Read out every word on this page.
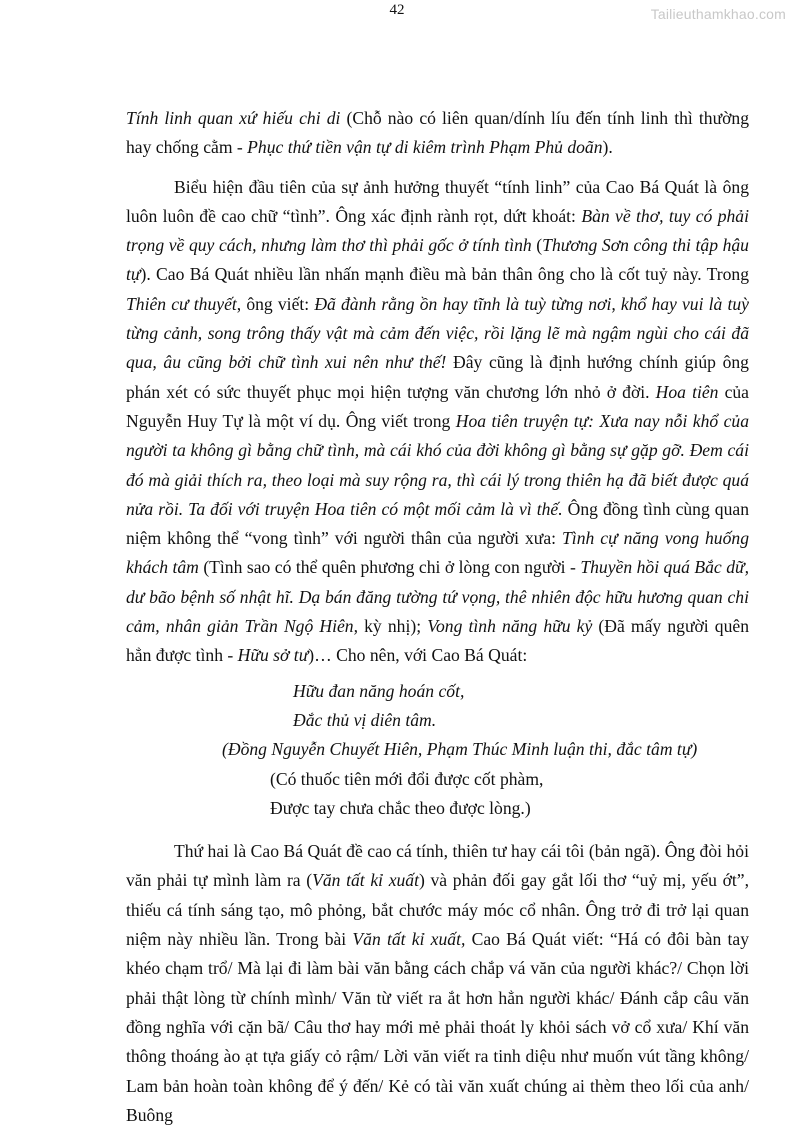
42	Tailieuthamkhao.com

Tính linh quan xứ hiếu chi di (Chỗ nào có liên quan/dính líu đến tính linh thì thường hay chống cằm - Phục thứ tiền vận tự di kiêm trình Phạm Phủ doãn).

Biểu hiện đầu tiên của sự ảnh hưởng thuyết “tính linh” của Cao Bá Quát là ông luôn luôn đề cao chữ “tình”. Ông xác định rành rọt, dứt khoát: Bàn về thơ, tuy có phải trọng về quy cách, nhưng làm thơ thì phải gốc ở tính tình (Thương Sơn công thi tập hậu tự). Cao Bá Quát nhiều lần nhấn mạnh điều mà bản thân ông cho là cốt tuỷ này. Trong Thiên cư thuyết, ông viết: Đã đành rằng ồn hay tĩnh là tuỳ từng nơi, khổ hay vui là tuỳ từng cảnh, song trông thấy vật mà cảm đến việc, rồi lặng lẽ mà ngậm ngùi cho cái đã qua, âu cũng bởi chữ tình xui nên như thế! Đây cũng là định hướng chính giúp ông phán xét có sức thuyết phục mọi hiện tượng văn chương lớn nhỏ ở đời. Hoa tiên của Nguyễn Huy Tự là một ví dụ. Ông viết trong Hoa tiên truyện tự: Xưa nay nỗi khổ của người ta không gì bằng chữ tình, mà cái khó của đời không gì bằng sự gặp gỡ. Đem cái đó mà giải thích ra, theo loại mà suy rộng ra, thì cái lý trong thiên hạ đã biết được quá nửa rồi. Ta đối với truyện Hoa tiên có một mối cảm là vì thế. Ông đồng tình cùng quan niệm không thể “vong tình” với người thân của người xưa: Tình cự năng vong huống khách tâm (Tình sao có thể quên phương chi ở lòng con người - Thuyền hồi quá Bắc dữ, dư bão bệnh số nhật hĩ. Dạ bán đăng tường tứ vọng, thê nhiên độc hữu hương quan chi cảm, nhân giản Trần Ngộ Hiên, kỳ nhị); Vong tình năng hữu kỷ (Đã mấy người quên hẳn được tình - Hữu sở tư)… Cho nên, với Cao Bá Quát:

Hữu đan năng hoán cốt,
Đắc thủ vị diên tâm.
(Đồng Nguyễn Chuyết Hiên, Phạm Thúc Minh luận thi, đắc tâm tự)
(Có thuốc tiên mới đổi được cốt phàm,
Được tay chưa chắc theo được lòng.)

Thứ hai là Cao Bá Quát đề cao cá tính, thiên tư hay cái tôi (bản ngã). Ông đòi hỏi văn phải tự mình làm ra (Văn tất kỉ xuất) và phản đối gay gắt lối thơ “uỷ mị, yếu ớt”, thiếu cá tính sáng tạo, mô phỏng, bắt chước máy móc cổ nhân. Ông trở đi trở lại quan niệm này nhiều lần. Trong bài Văn tất kỉ xuất, Cao Bá Quát viết: “Há có đôi bàn tay khéo chạm trổ/ Mà lại đi làm bài văn bằng cách chắp vá văn của người khác?/ Chọn lời phải thật lòng từ chính mình/ Văn từ viết ra ắt hơn hẳn người khác/ Đánh cắp câu văn đồng nghĩa với cặn bã/ Câu thơ hay mới mẻ phải thoát ly khỏi sách vở cổ xưa/ Khí văn thông thoáng ào ạt tựa giấy cỏ rậm/ Lời văn viết ra tinh diệu như muốn vút tầng không/ Lam bản hoàn toàn không để ý đến/ Kẻ có tài văn xuất chúng ai thèm theo lối của anh/ Buông
